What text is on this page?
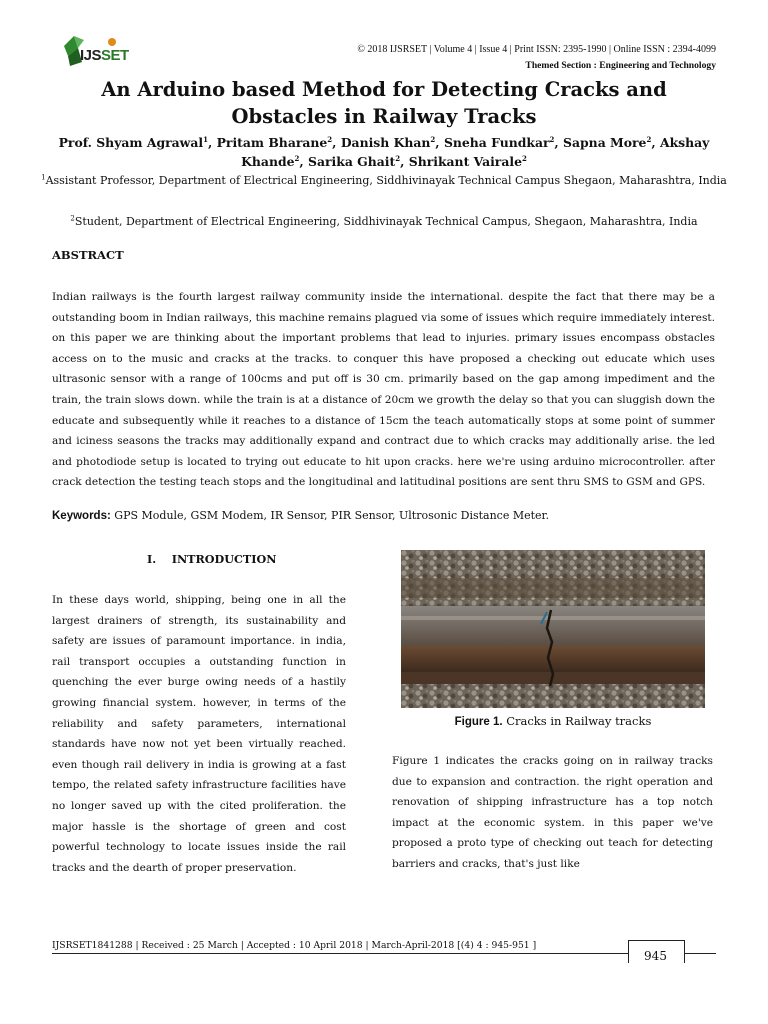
IJSSET	© 2018 IJSRSET | Volume 4 | Issue 4 | Print ISSN: 2395-1990 | Online ISSN : 2394-4099
Themed Section : Engineering and Technology
An Arduino based Method for Detecting Cracks and
Obstacles in Railway Tracks
Prof. Shyam Agrawal$^1$, Pritam Bharane$^2$, Danish Khan$^2$, Sneha Fundkar$^2$, Sapna More$^2$, Akshay Khande$^2$, Sarika Ghait$^2$, Shrikant Vairale$^2$
$^1$Assistant Professor, Department of Electrical Engineering, Siddhivinayak Technical Campus Shegaon, Maharashtra, India
$^2$Student, Department of Electrical Engineering, Siddhivinayak Technical Campus, Shegaon, Maharashtra, India
ABSTRACT

Indian railways is the fourth largest railway community inside the international. despite the fact that there may be a outstanding boom in Indian railways, this machine remains plagued via some of issues which require immediately interest. on this paper we are thinking about the important problems that lead to injuries. primary issues encompass obstacles access on to the music and cracks at the tracks. to conquer this have proposed a checking out educate which uses ultrasonic sensor with a range of 100cms and put off is 30 cm. primarily based on the gap among impediment and the train, the train slows down. while the train is at a distance of 20cm we growth the delay so that you can sluggish down the educate and subsequently while it reaches to a distance of 15cm the teach automatically stops at some point of summer and iciness seasons the tracks may additionally expand and contract due to which cracks may additionally arise. the led and photodiode setup is located to trying out educate to hit upon cracks. here we're using arduino microcontroller. after crack detection the testing teach stops and the longitudinal and latitudinal positions are sent thru SMS to GSM and GPS.

Keywords: GPS Module, GSM Modem, IR Sensor, PIR Sensor, Ultrosonic Distance Meter.
I.    INTRODUCTION

In these days world, shipping, being one in all the largest drainers of strength, its sustainability and safety are issues of paramount importance. in india, rail transport occupies a outstanding function in quenching the ever burge owing needs of a hastily growing financial system. however, in terms of the reliability and safety parameters, international standards have now not yet been virtually reached. even though rail delivery in india is growing at a fast tempo, the related safety infrastructure facilities have no longer saved up with the cited proliferation. the major hassle is the shortage of green and cost powerful technology to locate issues inside the rail tracks and the dearth of proper preservation.

Figure 1. Cracks in Railway tracks

Figure 1 indicates the cracks going on in railway tracks due to expansion and contraction. the right operation and renovation of shipping infrastructure has a top notch impact at the economic system. in this paper we've proposed a proto type of checking out teach for detecting barriers and cracks, that's just like

IJSRSET1841288 | Received : 25 March | Accepted : 10 April 2018 | March-April-2018 [(4) 4 : 945-951 ]
945
